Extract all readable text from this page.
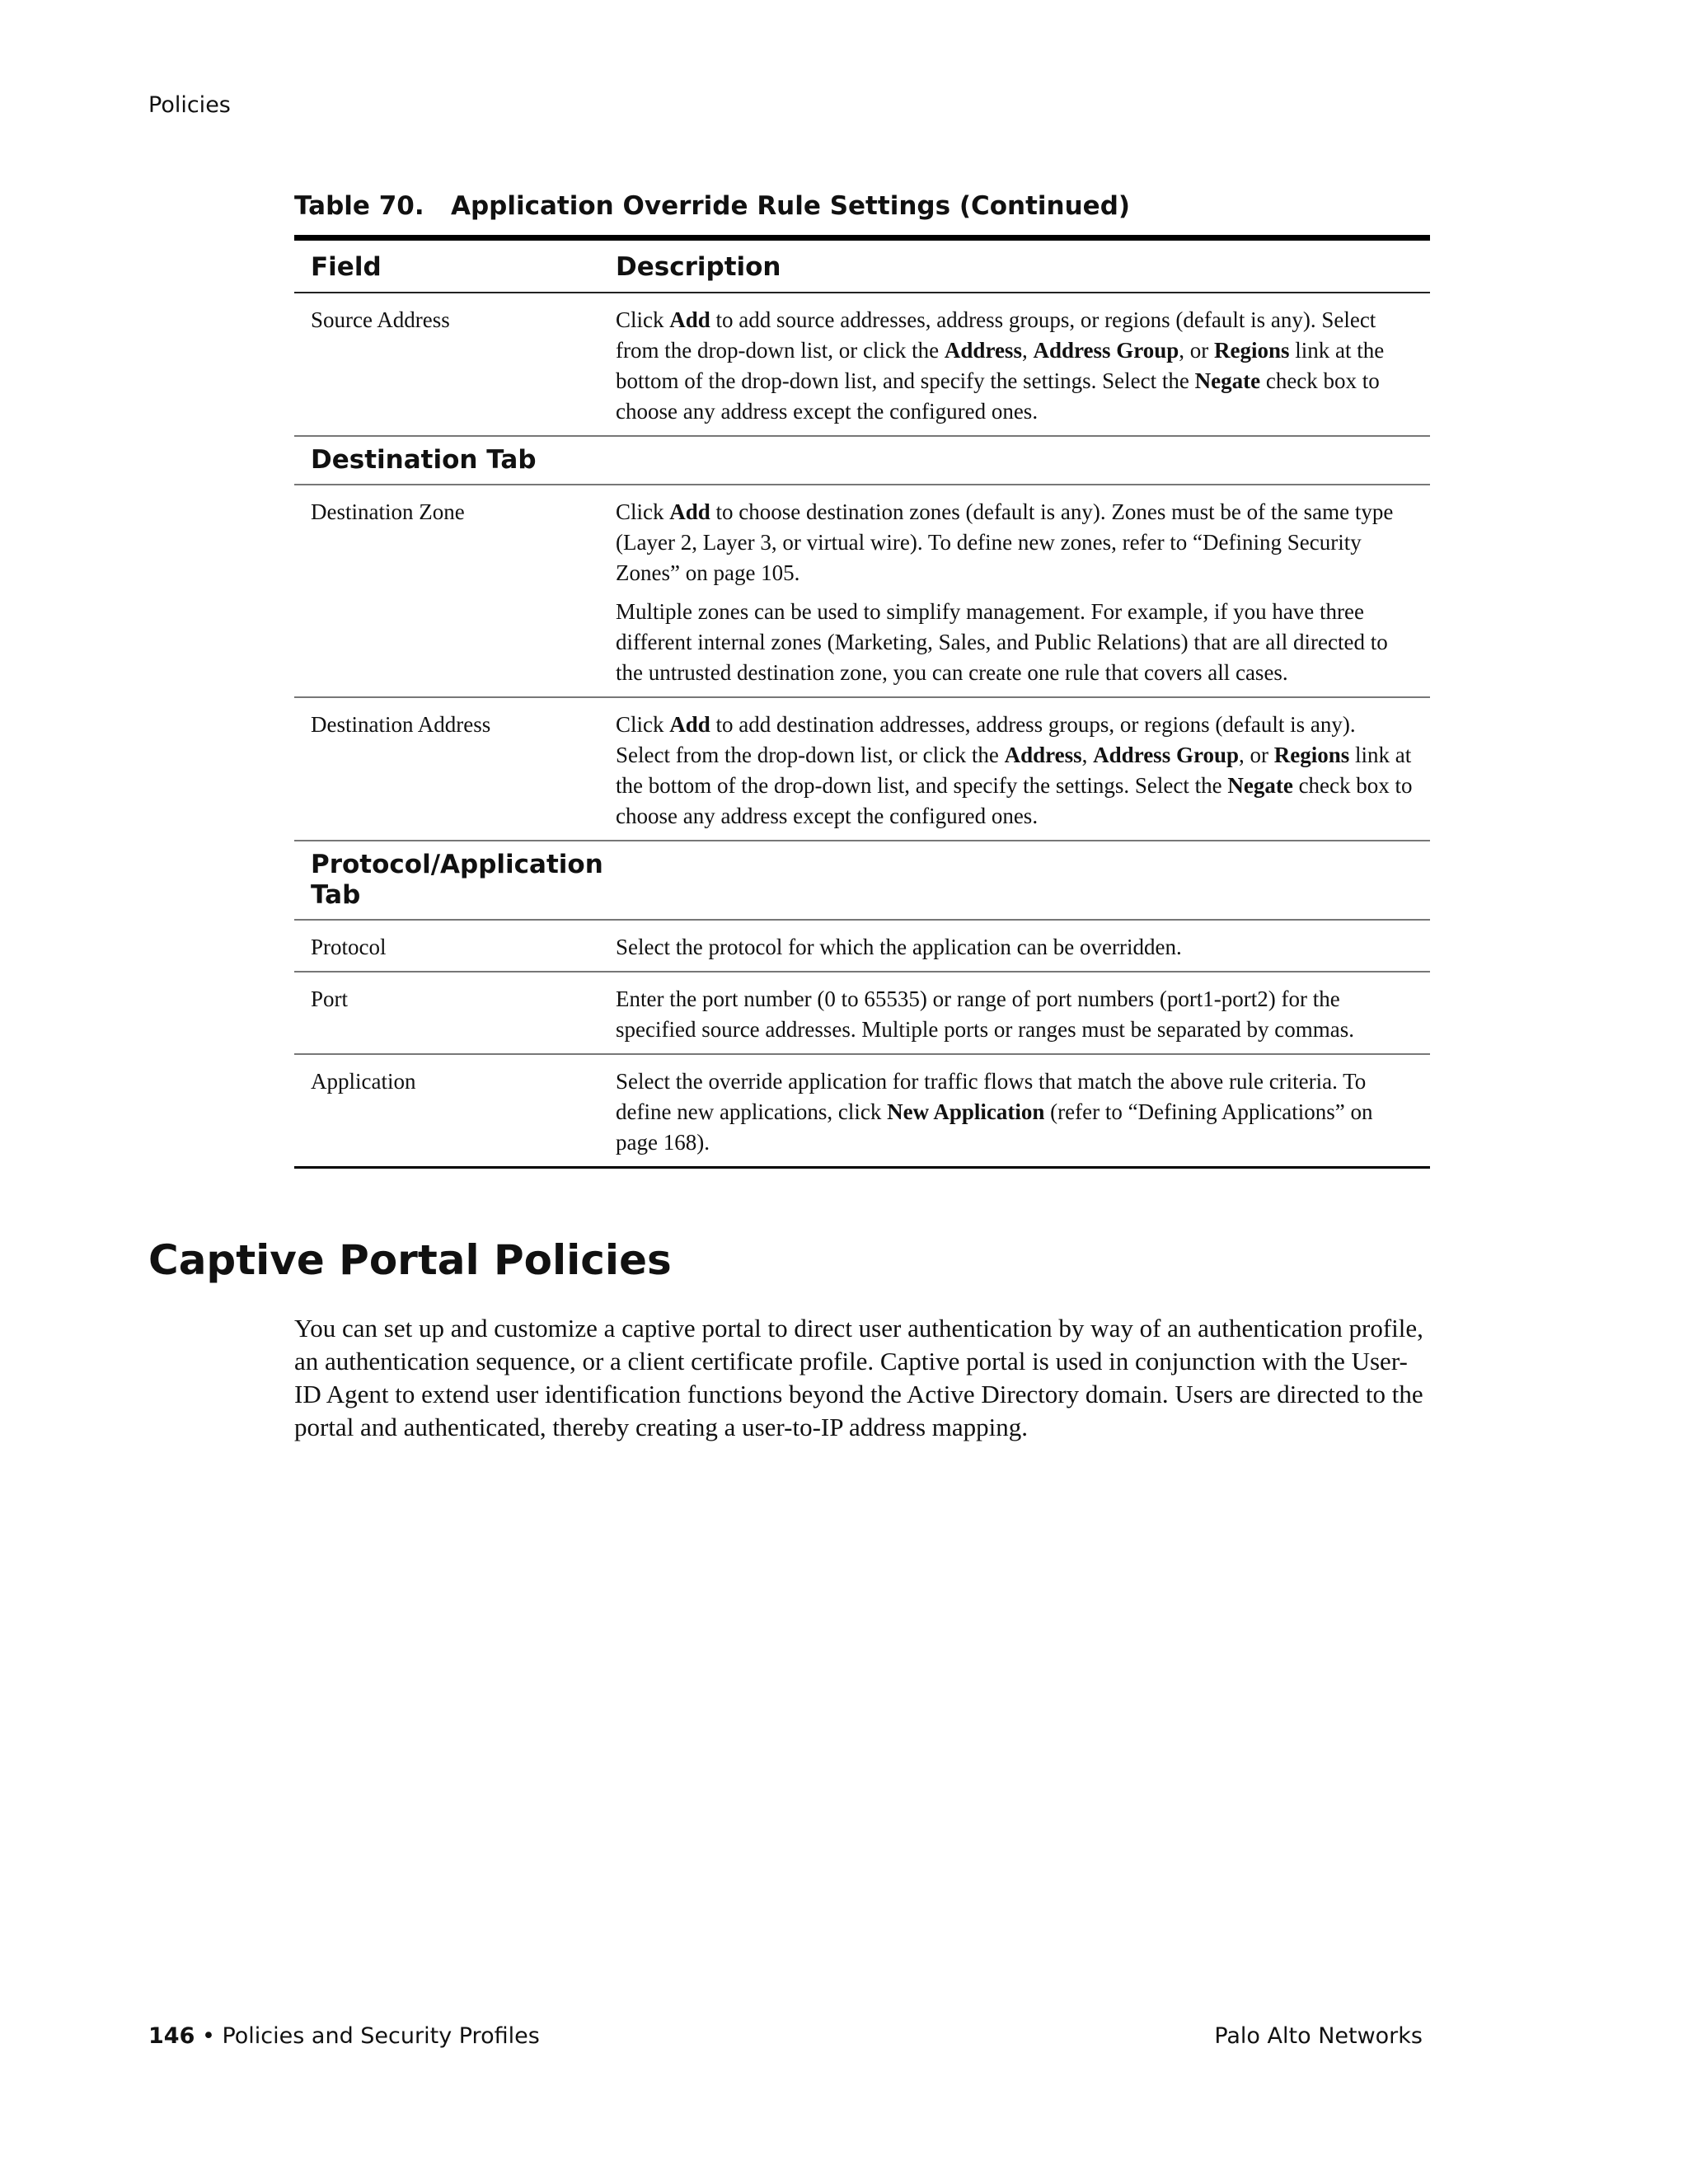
Policies
Table 70.   Application Override Rule Settings (Continued)
Field	Description
Source Address	Click Add to add source addresses, address groups, or regions (default is any). Select from the drop-down list, or click the Address, Address Group, or Regions link at the bottom of the drop-down list, and specify the settings. Select the Negate check box to choose any address except the configured ones.

Destination Tab	
Destination Zone	Click Add to choose destination zones (default is any). Zones must be of the same type (Layer 2, Layer 3, or virtual wire). To define new zones, refer to “Defining Security Zones” on page 105.

Multiple zones can be used to simplify management. For example, if you have three different internal zones (Marketing, Sales, and Public Relations) that are all directed to the untrusted destination zone, you can create one rule that covers all cases.

Destination Address	Click Add to add destination addresses, address groups, or regions (default is any). Select from the drop-down list, or click the Address, Address Group, or Regions link at the bottom of the drop-down list, and specify the settings. Select the Negate check box to choose any address except the configured ones.

Protocol/Application Tab	
Protocol	Select the protocol for which the application can be overridden.

Port	Enter the port number (0 to 65535) or range of port numbers (port1-port2) for the specified source addresses. Multiple ports or ranges must be separated by commas.

Application	Select the override application for traffic flows that match the above rule criteria. To define new applications, click New Application (refer to “Defining Applications” on page 168).

Captive Portal Policies

You can set up and customize a captive portal to direct user authentication by way of an authentication profile, an authentication sequence, or a client certificate profile. Captive portal is used in conjunction with the User-ID Agent to extend user identification functions beyond the Active Directory domain. Users are directed to the portal and authenticated, thereby creating a user-to-IP address mapping.

146 • Policies and Security Profiles	Palo Alto Networks
